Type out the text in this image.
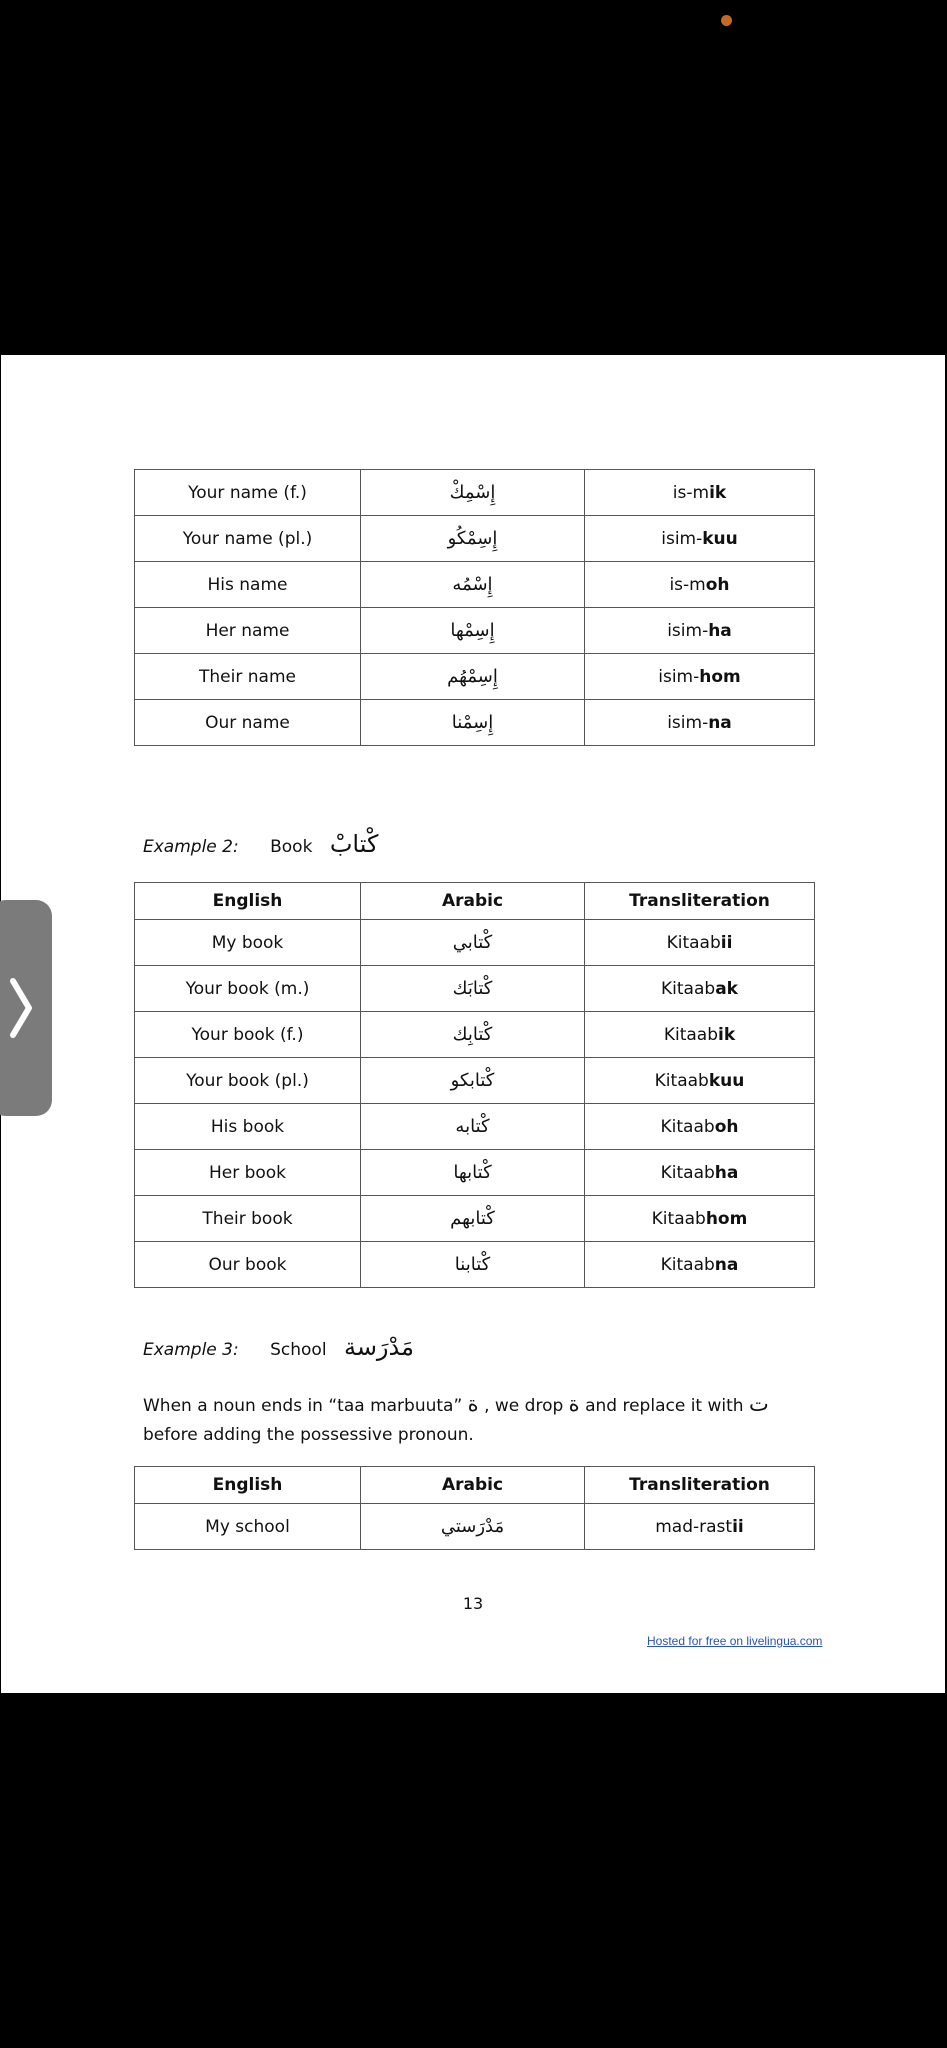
Your name (f.)	إِسْمِكْ	is-mik
Your name (pl.)	إِسِمْكُو	isim-kuu
His name	إِسْمُه	is-moh
Her name	إِسِمْها	isim-ha
Their name	إِسِمْهُم	isim-hom
Our name	إِسِمْنا	isim-na
Example 2: Book كْتابْ
English	Arabic	Transliteration
My book	كْتابي	Kitaabii
Your book (m.)	كْتابَك	Kitaabak
Your book (f.)	كْتابِك	Kitaabik
Your book (pl.)	كْتابكو	Kitaabkuu
His book	كْتابه	Kitaaboh
Her book	كْتابها	Kitaabha
Their book	كْتابهم	Kitaabhom
Our book	كْتابنا	Kitaabna
Example 3: School مَدْرَسة
When a noun ends in “taa marbuuta” ة , we drop ة and replace it with ت before adding the possessive pronoun.
English	Arabic	Transliteration
My school	مَدْرَستي	mad-rastii
13
Hosted for free on livelingua.com
